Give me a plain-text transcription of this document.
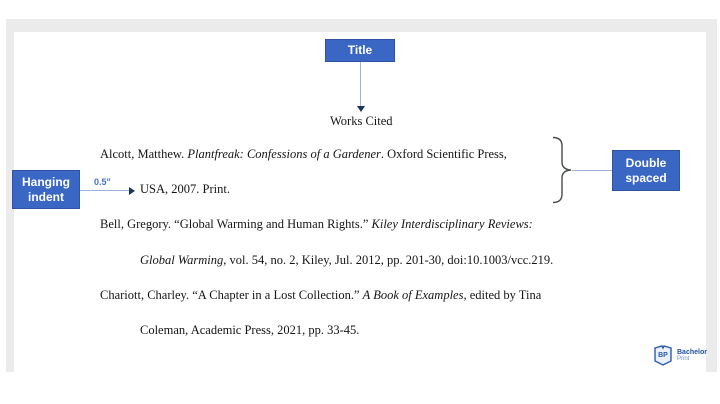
Title
Works Cited
Alcott, Matthew. Plantfreak: Confessions of a Gardener. Oxford Scientific Press,
USA, 2007. Print.
Bell, Gregory. “Global Warming and Human Rights.” Kiley Interdisciplinary Reviews:
Global Warming, vol. 54, no. 2, Kiley, Jul. 2012, pp. 201-30, doi:10.1003/vcc.219.
Chariott, Charley. “A Chapter in a Lost Collection.” A Book of Examples, edited by Tina
Coleman, Academic Press, 2021, pp. 33-45.
Hanging indent
0.5"
Double spaced
BP Bachelor
Print
